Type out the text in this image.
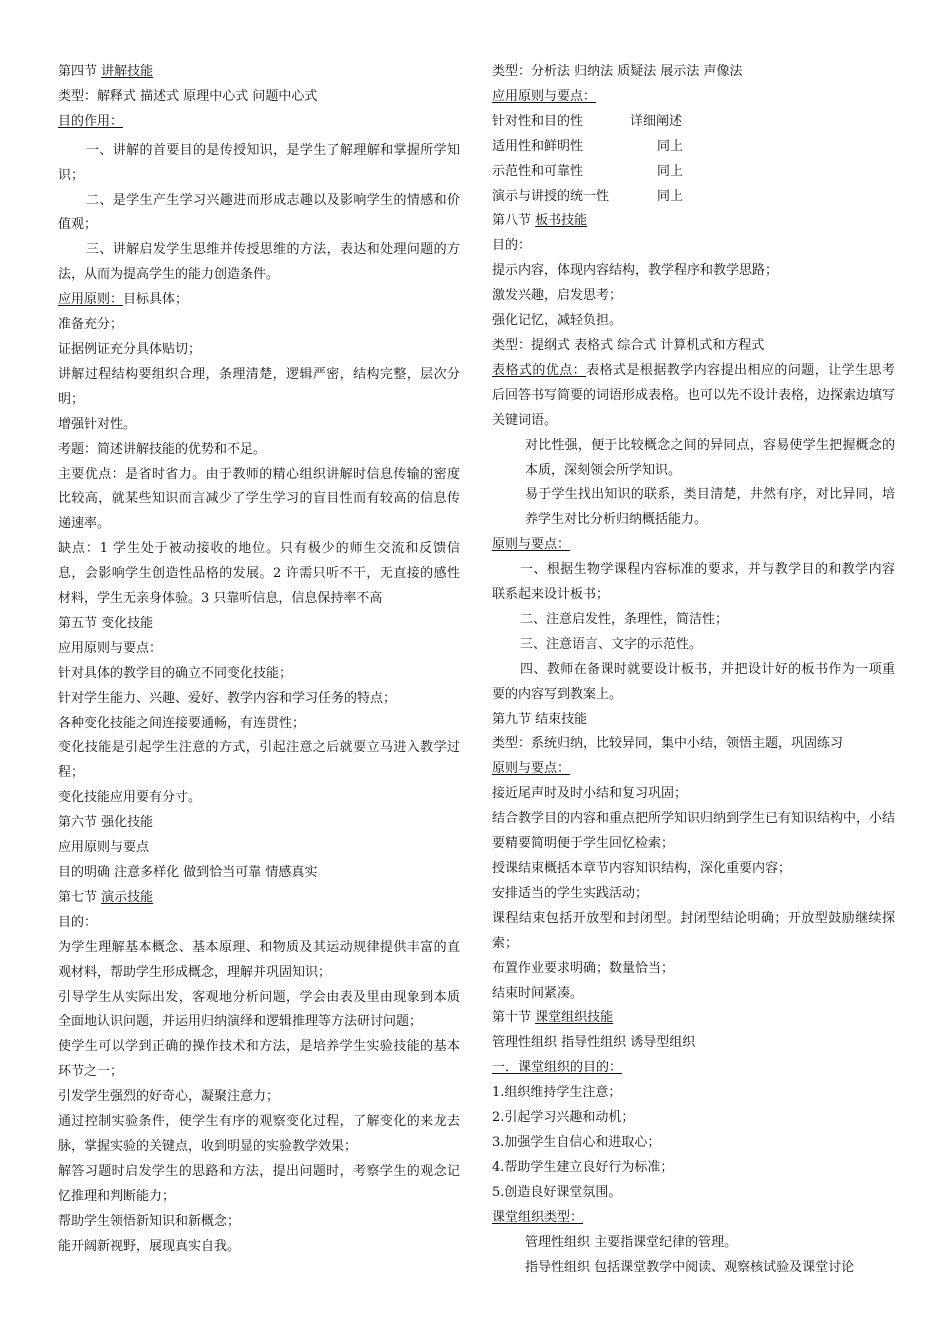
第四节 讲解技能
类型：解释式 描述式 原理中心式 问题中心式
目的作用：
一、讲解的首要目的是传授知识，是学生了解理解和掌握所学知识；
二、是学生产生学习兴趣进而形成志趣以及影响学生的情感和价值观；
三、讲解启发学生思维并传授思维的方法，表达和处理问题的方法，从而为提高学生的能力创造条件。
应用原则：目标具体；
准备充分；
证据例证充分具体贴切；
讲解过程结构要组织合理，条理清楚，逻辑严密，结构完整，层次分明；
增强针对性。
考题：简述讲解技能的优势和不足。
主要优点：是省时省力。由于教师的精心组织讲解时信息传输的密度比较高，就某些知识而言减少了学生学习的盲目性而有较高的信息传递速率。
缺点：1 学生处于被动接收的地位。只有极少的师生交流和反馈信息，会影响学生创造性品格的发展。2 许需只听不干，无直接的感性材料，学生无亲身体验。3 只靠听信息，信息保持率不高
第五节 变化技能
应用原则与要点：
针对具体的教学目的确立不同变化技能；
针对学生能力、兴趣、爱好、教学内容和学习任务的特点；
各种变化技能之间连接要通畅，有连贯性；
变化技能是引起学生注意的方式，引起注意之后就要立马进入教学过程；
变化技能应用要有分寸。
第六节 强化技能
应用原则与要点
目的明确 注意多样化 做到恰当可靠 情感真实
第七节 演示技能
目的：
为学生理解基本概念、基本原理、和物质及其运动规律提供丰富的直观材料，帮助学生形成概念，理解并巩固知识；
引导学生从实际出发，客观地分析问题，学会由表及里由现象到本质全面地认识问题，并运用归纳演绎和逻辑推理等方法研讨问题；
使学生可以学到正确的操作技术和方法，是培养学生实验技能的基本环节之一；
引发学生强烈的好奇心，凝聚注意力；
通过控制实验条件，使学生有序的观察变化过程，了解变化的来龙去脉，掌握实验的关键点，收到明显的实验教学效果；
解答习题时启发学生的思路和方法，提出问题时，考察学生的观念记忆推理和判断能力；
帮助学生领悟新知识和新概念；
能开阔新视野，展现真实自我。
类型：分析法 归纳法 质疑法 展示法 声像法
应用原则与要点：
针对性和目的性	详细阐述
适用性和鲜明性	同上
示范性和可靠性	同上
演示与讲授的统一性	同上
第八节 板书技能
目的：
提示内容，体现内容结构，教学程序和教学思路；
激发兴趣，启发思考；
强化记忆，减轻负担。
类型：提纲式 表格式 综合式 计算机式和方程式
表格式的优点：表格式是根据教学内容提出相应的问题，让学生思考后回答书写简要的词语形成表格。也可以先不设计表格，边探索边填写关键词语。
对比性强，便于比较概念之间的异同点，容易使学生把握概念的本质，深刻领会所学知识。
易于学生找出知识的联系，类目清楚，井然有序，对比异同，培养学生对比分析归纳概括能力。
原则与要点：
一、根据生物学课程内容标准的要求，并与教学目的和教学内容联系起来设计板书；
二、注意启发性，条理性，简洁性；
三、注意语言、文字的示范性。
四、教师在备课时就要设计板书，并把设计好的板书作为一项重要的内容写到教案上。
第九节 结束技能
类型：系统归纳，比较异同，集中小结，领悟主题，巩固练习
原则与要点：
接近尾声时及时小结和复习巩固；
结合教学目的内容和重点把所学知识归纳到学生已有知识结构中，小结要精要简明便于学生回忆检索；
授课结束概括本章节内容知识结构，深化重要内容；
安排适当的学生实践活动；
课程结束包括开放型和封闭型。封闭型结论明确；开放型鼓励继续探索；
布置作业要求明确；数量恰当；
结束时间紧凑。
第十节 课堂组织技能
管理性组织 指导性组织 诱导型组织
一．课堂组织的目的：
1.组织维持学生注意；
2.引起学习兴趣和动机；
3.加强学生自信心和进取心；
4.帮助学生建立良好行为标准；
5.创造良好课堂氛围。
课堂组织类型：
管理性组织 主要指课堂纪律的管理。
指导性组织 包括课堂教学中阅读、观察核试验及课堂讨论
